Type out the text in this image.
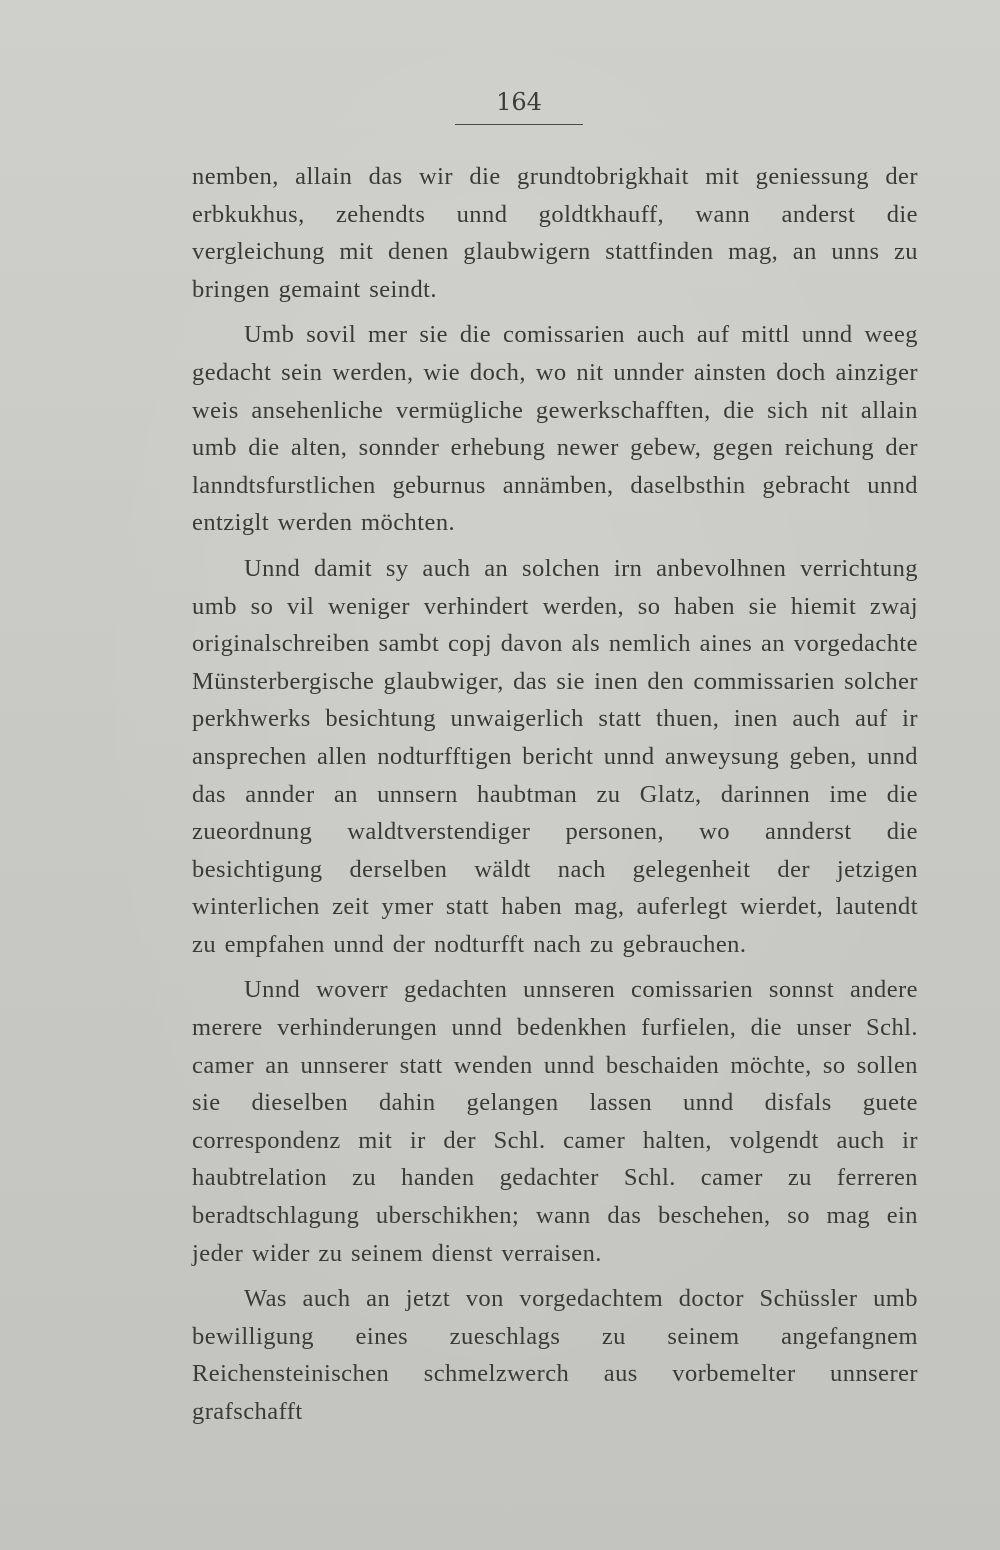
164

nemben, allain das wir die grundtobrigkhait mit geniessung der erbkukhus, zehendts unnd goldtkhauff, wann anderst die vergleichung mit denen glaubwigern stattfinden mag, an unns zu bringen gemaint seindt.

Umb sovil mer sie die comissarien auch auf mittl unnd weeg gedacht sein werden, wie doch, wo nit unnder ainsten doch ainziger weis ansehenliche vermügliche gewerkschafften, die sich nit allain umb die alten, sonnder erhebung newer gebew, gegen reichung der lanndtsfurstlichen geburnus annämben, daselbsthin gebracht unnd entziglt werden möchten.

Unnd damit sy auch an solchen irn anbevolhnen verrichtung umb so vil weniger verhindert werden, so haben sie hiemit zwaj originalschreiben sambt copj davon als nemlich aines an vorgedachte Münsterbergische glaubwiger, das sie inen den commissarien solcher perkhwerks besichtung unwaigerlich statt thuen, inen auch auf ir ansprechen allen nodturfftigen bericht unnd anweysung geben, unnd das annder an unnsern haubtman zu Glatz, darinnen ime die zueordnung waldtverstendiger personen, wo annderst die besichtigung derselben wäldt nach gelegenheit der jetzigen winterlichen zeit ymer statt haben mag, auferlegt wierdet, lautendt zu empfahen unnd der nodturfft nach zu gebrauchen.

Unnd woverr gedachten unnseren comissarien sonnst andere merere verhinderungen unnd bedenkhen furfielen, die unser Schl. camer an unnserer statt wenden unnd beschaiden möchte, so sollen sie dieselben dahin gelangen lassen unnd disfals guete correspondenz mit ir der Schl. camer halten, volgendt auch ir haubtrelation zu handen gedachter Schl. camer zu ferreren beradtschlagung uberschikhen; wann das beschehen, so mag ein jeder wider zu seinem dienst verraisen.

Was auch an jetzt von vorgedachtem doctor Schüssler umb bewilligung eines zueschlags zu seinem angefangnem Reichensteinischen schmelzwerch aus vorbemelter unnserer grafschafft
